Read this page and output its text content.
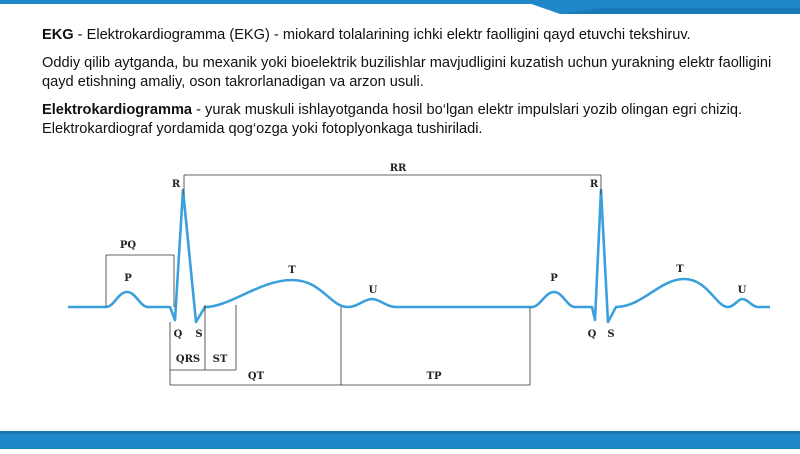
EKG - Elektrokardiogramma (EKG) - miokard tolalarining ichki elektr faolligini qayd etuvchi tekshiruv.

Oddiy qilib aytganda, bu mexanik yoki bioelektrik buzilishlar mavjudligini kuzatish uchun yurakning elektr faolligini qayd etishning amaliy, oson takrorlanadigan va arzon usuli.

Elektrokardiogramma - yurak muskuli ishlayotganda hosil bo‘lgan elektr impulslari yozib olingan egri chiziq. Elektrokardiograf yordamida qog‘ozga yoki fotoplyonkaga tushiriladi.

PQ
P
R
Q S
T
U
RR
P
R
Q S
T
U
QRS ST
QT	TP
